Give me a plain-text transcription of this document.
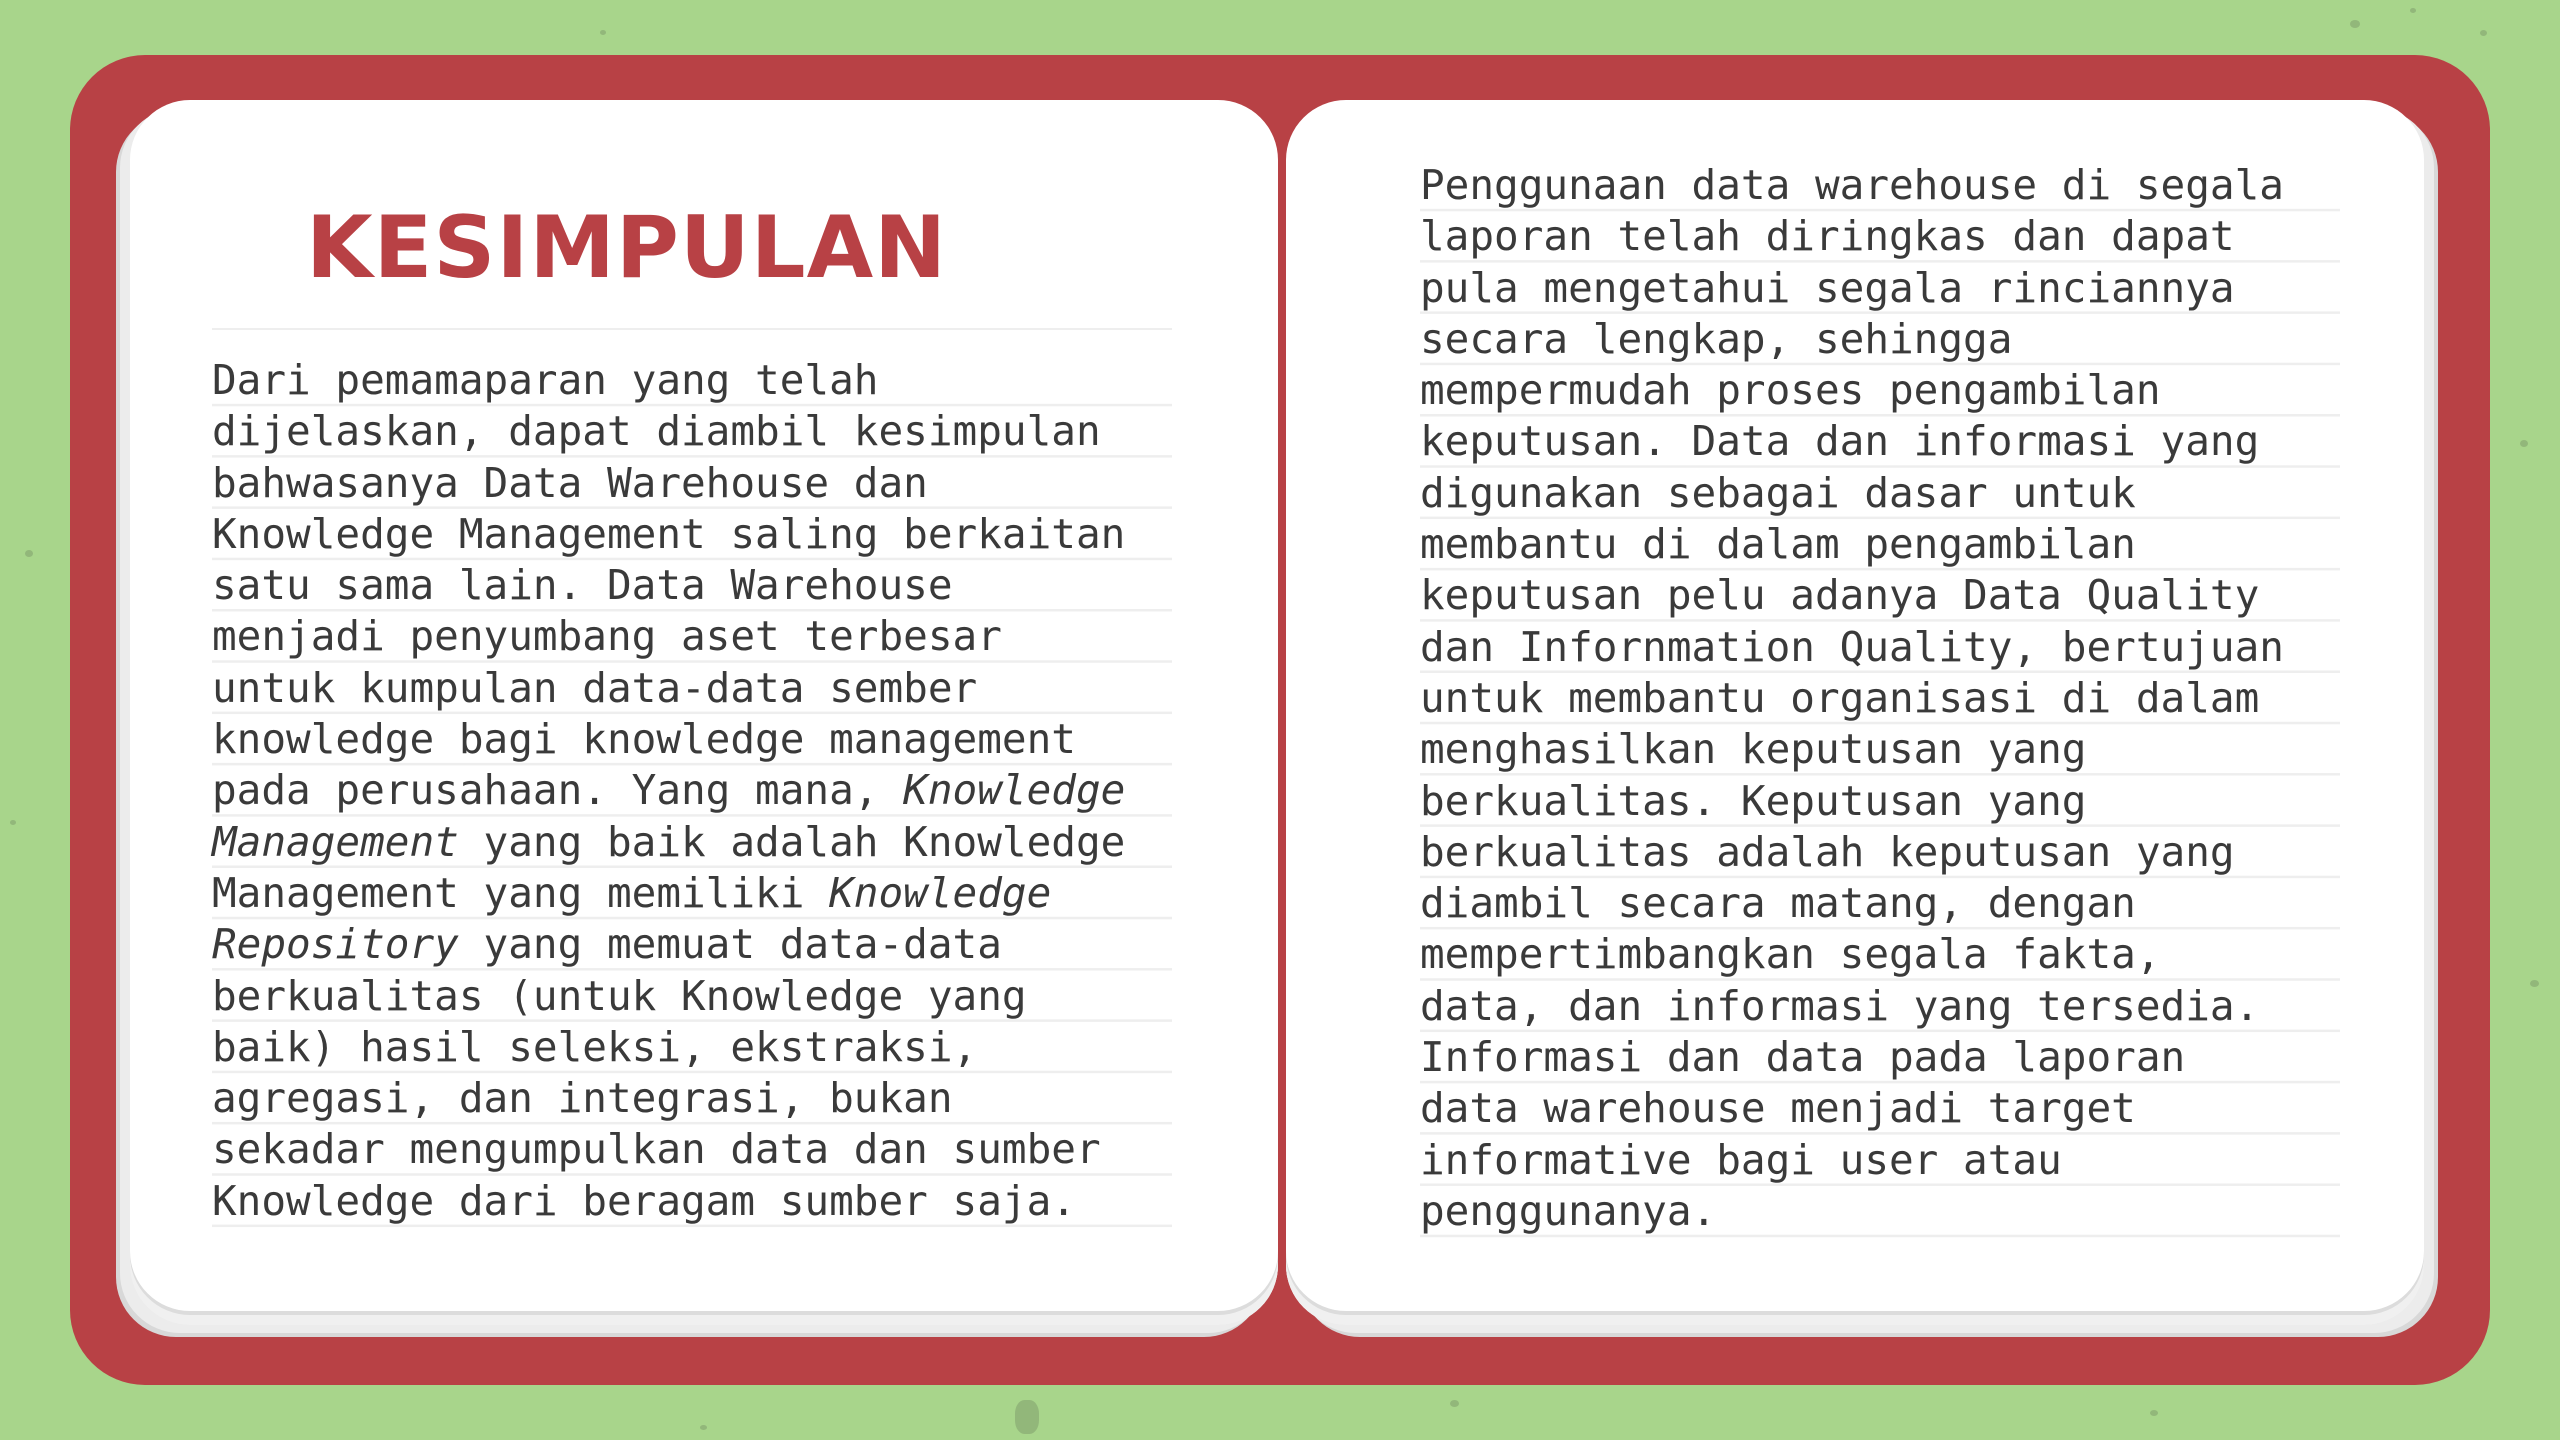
KESIMPULAN

Dari pemamaparan yang telah
dijelaskan, dapat diambil kesimpulan
bahwasanya Data Warehouse dan
Knowledge Management saling berkaitan
satu sama lain. Data Warehouse
menjadi penyumbang aset terbesar
untuk kumpulan data-data sember
knowledge bagi knowledge management
pada perusahaan. Yang mana, Knowledge
Management yang baik adalah Knowledge
Management yang memiliki Knowledge
Repository yang memuat data-data
berkualitas (untuk Knowledge yang
baik) hasil seleksi, ekstraksi,
agregasi, dan integrasi, bukan
sekadar mengumpulkan data dan sumber
Knowledge dari beragam sumber saja.

Penggunaan data warehouse di segala
laporan telah diringkas dan dapat
pula mengetahui segala rinciannya
secara lengkap, sehingga
mempermudah proses pengambilan
keputusan. Data dan informasi yang
digunakan sebagai dasar untuk
membantu di dalam pengambilan
keputusan pelu adanya Data Quality
dan Infornmation Quality, bertujuan
untuk membantu organisasi di dalam
menghasilkan keputusan yang
berkualitas. Keputusan yang
berkualitas adalah keputusan yang
diambil secara matang, dengan
mempertimbangkan segala fakta,
data, dan informasi yang tersedia.
Informasi dan data pada laporan
data warehouse menjadi target
informative bagi user atau
penggunanya.
